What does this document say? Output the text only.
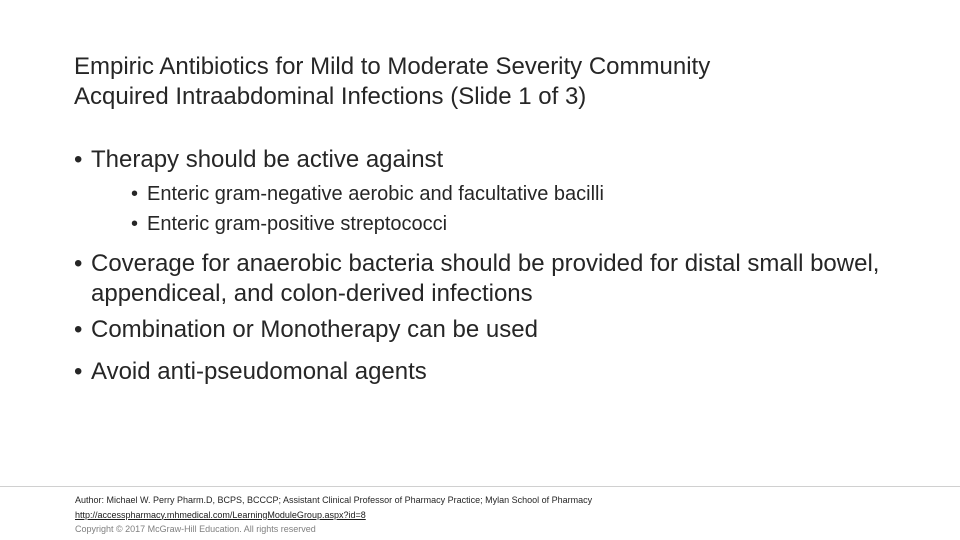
Empiric Antibiotics for Mild to Moderate Severity Community
Acquired Intraabdominal Infections (Slide 1 of 3)
• Therapy should be active against
• Enteric gram-negative aerobic and facultative bacilli
• Enteric gram-positive streptococci
• Coverage for anaerobic bacteria should be provided for distal small bowel, appendiceal, and colon-derived infections
• Combination or Monotherapy can be used
• Avoid anti-pseudomonal agents
Author: Michael W. Perry Pharm.D, BCPS, BCCCP; Assistant Clinical Professor of Pharmacy Practice; Mylan School of Pharmacy
http://accesspharmacy.mhmedical.com/LearningModuleGroup.aspx?id=8
Copyright © 2017 McGraw-Hill Education. All rights reserved
